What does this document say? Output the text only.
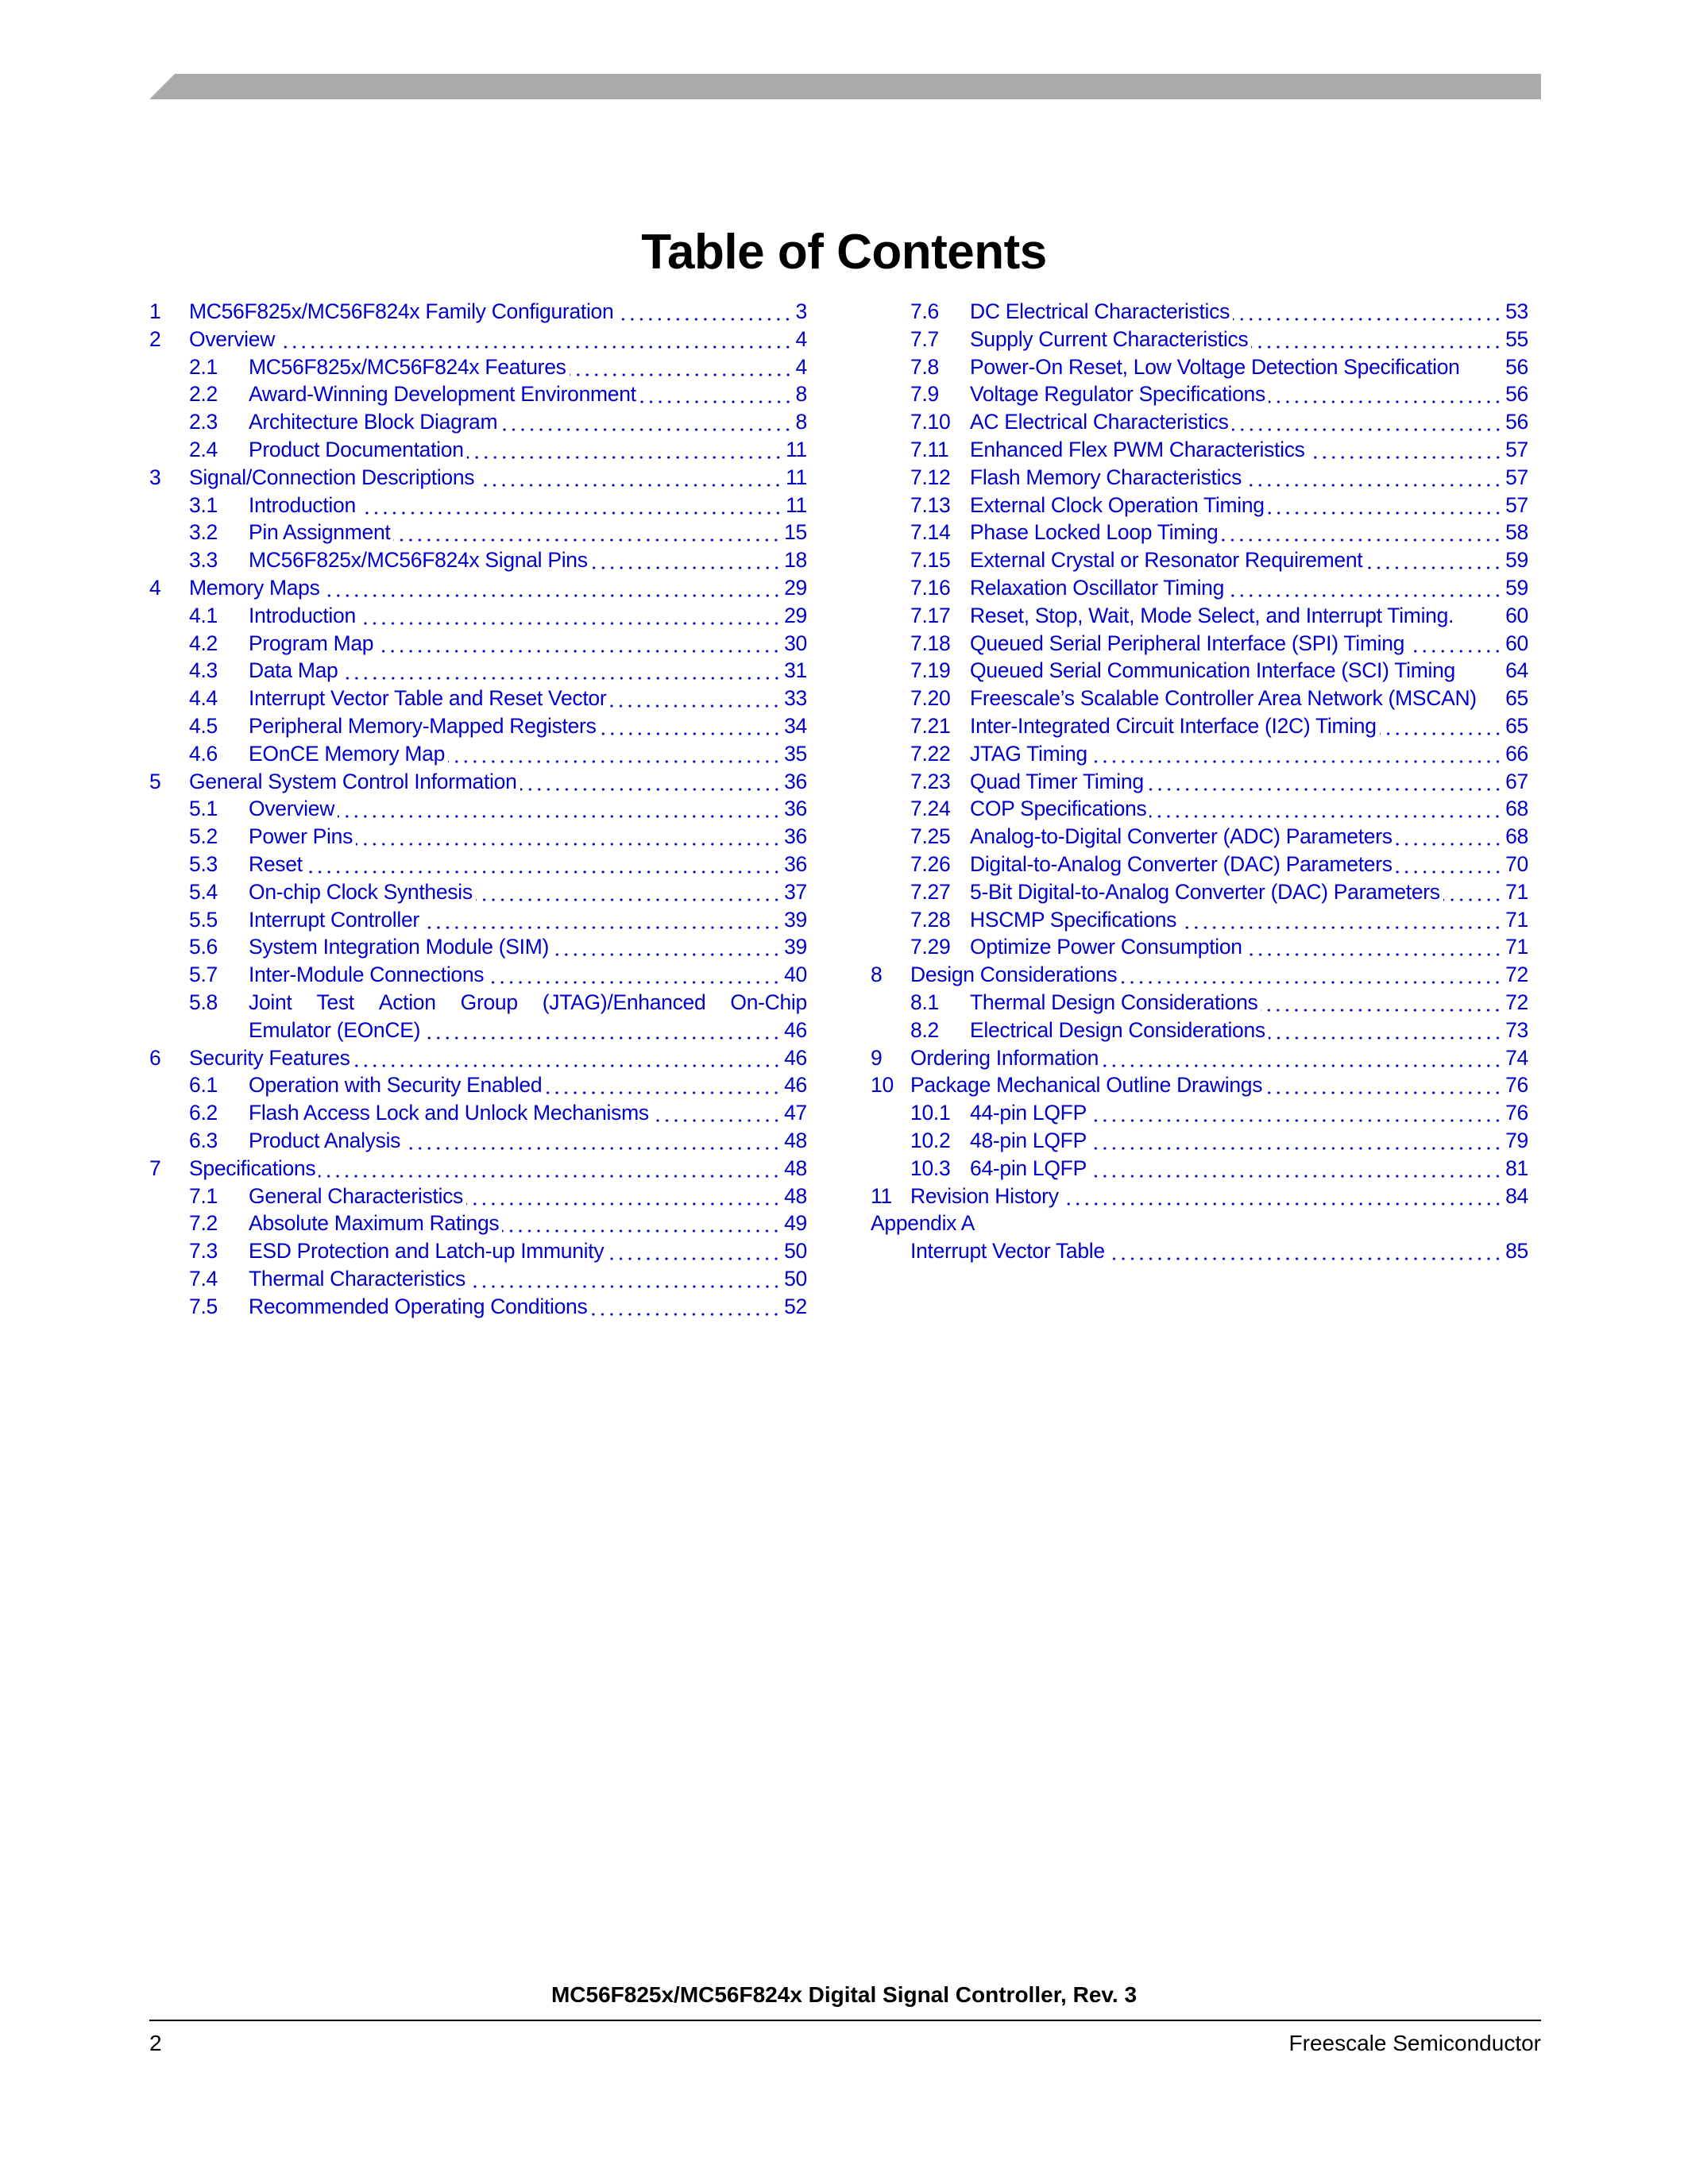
Table of Contents
1 MC56F825x/MC56F824x Family Configuration	3
2 Overview	4
2.1 MC56F825x/MC56F824x Features	4
2.2 Award-Winning Development Environment	8
2.3 Architecture Block Diagram	8
2.4 Product Documentation	11
3 Signal/Connection Descriptions	11
3.1 Introduction	11
3.2 Pin Assignment	15
3.3 MC56F825x/MC56F824x Signal Pins	18
4 Memory Maps	29
4.1 Introduction	29
4.2 Program Map	30
4.3 Data Map	31
4.4 Interrupt Vector Table and Reset Vector	33
4.5 Peripheral Memory-Mapped Registers	34
4.6 EOnCE Memory Map	35
5 General System Control Information	36
5.1 Overview	36
5.2 Power Pins	36
5.3 Reset	36
5.4 On-chip Clock Synthesis	37
5.5 Interrupt Controller	39
5.6 System Integration Module (SIM)	39
5.7 Inter-Module Connections	40
5.8 Joint Test Action Group (JTAG)/Enhanced On-Chip
Emulator (EOnCE)	46
6 Security Features	46
6.1 Operation with Security Enabled	46
6.2 Flash Access Lock and Unlock Mechanisms	47
6.3 Product Analysis	48
7 Specifications	48
7.1 General Characteristics	48
7.2 Absolute Maximum Ratings	49
7.3 ESD Protection and Latch-up Immunity	50
7.4 Thermal Characteristics	50
7.5 Recommended Operating Conditions	52
7.6 DC Electrical Characteristics	53
7.7 Supply Current Characteristics	55
7.8 Power-On Reset, Low Voltage Detection Specification 56
7.9 Voltage Regulator Specifications	56
7.10 AC Electrical Characteristics	56
7.11 Enhanced Flex PWM Characteristics	57
7.12 Flash Memory Characteristics	57
7.13 External Clock Operation Timing	57
7.14 Phase Locked Loop Timing	58
7.15 External Crystal or Resonator Requirement	59
7.16 Relaxation Oscillator Timing	59
7.17 Reset, Stop, Wait, Mode Select, and Interrupt Timing. 60
7.18 Queued Serial Peripheral Interface (SPI) Timing	60
7.19 Queued Serial Communication Interface (SCI) Timing 64
7.20 Freescale’s Scalable Controller Area Network (MSCAN) 65
7.21 Inter-Integrated Circuit Interface (I2C) Timing	65
7.22 JTAG Timing	66
7.23 Quad Timer Timing	67
7.24 COP Specifications	68
7.25 Analog-to-Digital Converter (ADC) Parameters	68
7.26 Digital-to-Analog Converter (DAC) Parameters	70
7.27 5-Bit Digital-to-Analog Converter (DAC) Parameters	71
7.28 HSCMP Specifications	71
7.29 Optimize Power Consumption	71
8 Design Considerations	72
8.1 Thermal Design Considerations	72
8.2 Electrical Design Considerations	73
9 Ordering Information	74
10 Package Mechanical Outline Drawings	76
10.1 44-pin LQFP	76
10.2 48-pin LQFP	79
10.3 64-pin LQFP	81
11 Revision History	84
Appendix A
Interrupt Vector Table	85
MC56F825x/MC56F824x Digital Signal Controller, Rev. 3
2	Freescale Semiconductor
